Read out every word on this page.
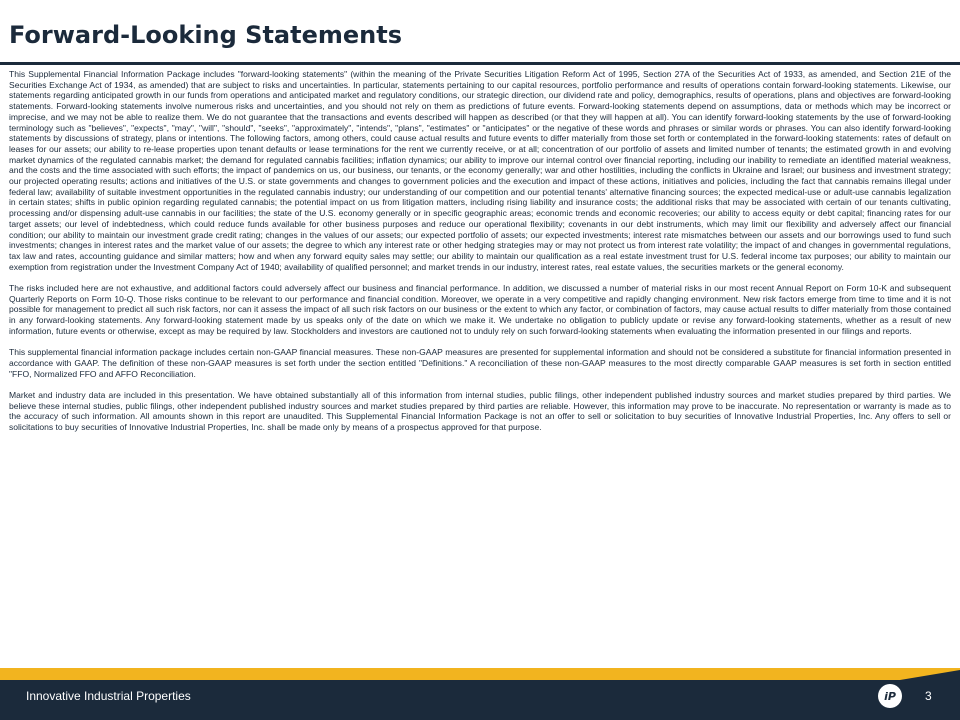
Forward-Looking Statements

This Supplemental Financial Information Package includes "forward-looking statements" (within the meaning of the Private Securities Litigation Reform Act of 1995, Section 27A of the Securities Act of 1933, as amended, and Section 21E of the Securities Exchange Act of 1934, as amended) that are subject to risks and uncertainties. In particular, statements pertaining to our capital resources, portfolio performance and results of operations contain forward-looking statements. Likewise, our statements regarding anticipated growth in our funds from operations and anticipated market and regulatory conditions, our strategic direction, our dividend rate and policy, demographics, results of operations, plans and objectives are forward-looking statements. Forward-looking statements involve numerous risks and uncertainties, and you should not rely on them as predictions of future events. Forward-looking statements depend on assumptions, data or methods which may be incorrect or imprecise, and we may not be able to realize them. We do not guarantee that the transactions and events described will happen as described (or that they will happen at all). You can identify forward-looking statements by the use of forward-looking terminology such as "believes", "expects", "may", "will", "should", "seeks", "approximately", "intends", "plans", "estimates" or "anticipates" or the negative of these words and phrases or similar words or phrases. You can also identify forward-looking statements by discussions of strategy, plans or intentions. The following factors, among others, could cause actual results and future events to differ materially from those set forth or contemplated in the forward-looking statements: rates of default on leases for our assets; our ability to re-lease properties upon tenant defaults or lease terminations for the rent we currently receive, or at all; concentration of our portfolio of assets and limited number of tenants; the estimated growth in and evolving market dynamics of the regulated cannabis market; the demand for regulated cannabis facilities; inflation dynamics; our ability to improve our internal control over financial reporting, including our inability to remediate an identified material weakness, and the costs and the time associated with such efforts; the impact of pandemics on us, our business, our tenants, or the economy generally; war and other hostilities, including the conflicts in Ukraine and Israel; our business and investment strategy; our projected operating results; actions and initiatives of the U.S. or state governments and changes to government policies and the execution and impact of these actions, initiatives and policies, including the fact that cannabis remains illegal under federal law; availability of suitable investment opportunities in the regulated cannabis industry; our understanding of our competition and our potential tenants' alternative financing sources; the expected medical-use or adult-use cannabis legalization in certain states; shifts in public opinion regarding regulated cannabis; the potential impact on us from litigation matters, including rising liability and insurance costs; the additional risks that may be associated with certain of our tenants cultivating, processing and/or dispensing adult-use cannabis in our facilities; the state of the U.S. economy generally or in specific geographic areas; economic trends and economic recoveries; our ability to access equity or debt capital; financing rates for our target assets; our level of indebtedness, which could reduce funds available for other business purposes and reduce our operational flexibility; covenants in our debt instruments, which may limit our flexibility and adversely affect our financial condition; our ability to maintain our investment grade credit rating; changes in the values of our assets; our expected portfolio of assets; our expected investments; interest rate mismatches between our assets and our borrowings used to fund such investments; changes in interest rates and the market value of our assets; the degree to which any interest rate or other hedging strategies may or may not protect us from interest rate volatility; the impact of and changes in governmental regulations, tax law and rates, accounting guidance and similar matters; how and when any forward equity sales may settle; our ability to maintain our qualification as a real estate investment trust for U.S. federal income tax purposes; our ability to maintain our exemption from registration under the Investment Company Act of 1940; availability of qualified personnel; and market trends in our industry, interest rates, real estate values, the securities markets or the general economy.

The risks included here are not exhaustive, and additional factors could adversely affect our business and financial performance. In addition, we discussed a number of material risks in our most recent Annual Report on Form 10-K and subsequent Quarterly Reports on Form 10-Q. Those risks continue to be relevant to our performance and financial condition. Moreover, we operate in a very competitive and rapidly changing environment. New risk factors emerge from time to time and it is not possible for management to predict all such risk factors, nor can it assess the impact of all such risk factors on our business or the extent to which any factor, or combination of factors, may cause actual results to differ materially from those contained in any forward-looking statements. Any forward-looking statement made by us speaks only of the date on which we make it. We undertake no obligation to publicly update or revise any forward-looking statements, whether as a result of new information, future events or otherwise, except as may be required by law. Stockholders and investors are cautioned not to unduly rely on such forward-looking statements when evaluating the information presented in our filings and reports.

This supplemental financial information package includes certain non-GAAP financial measures. These non-GAAP measures are presented for supplemental information and should not be considered a substitute for financial information presented in accordance with GAAP. The definition of these non-GAAP measures is set forth under the section entitled "Definitions." A reconciliation of these non-GAAP measures to the most directly comparable GAAP measures is set forth in section entitled "FFO, Normalized FFO and AFFO Reconciliation.

Market and industry data are included in this presentation. We have obtained substantially all of this information from internal studies, public filings, other independent published industry sources and market studies prepared by third parties. We believe these internal studies, public filings, other independent published industry sources and market studies prepared by third parties are reliable. However, this information may prove to be inaccurate. No representation or warranty is made as to the accuracy of such information. All amounts shown in this report are unaudited. This Supplemental Financial Information Package is not an offer to sell or solicitation to buy securities of Innovative Industrial Properties, Inc. Any offers to sell or solicitations to buy securities of Innovative Industrial Properties, Inc. shall be made only by means of a prospectus approved for that purpose.

Innovative Industrial Properties	iP 3
